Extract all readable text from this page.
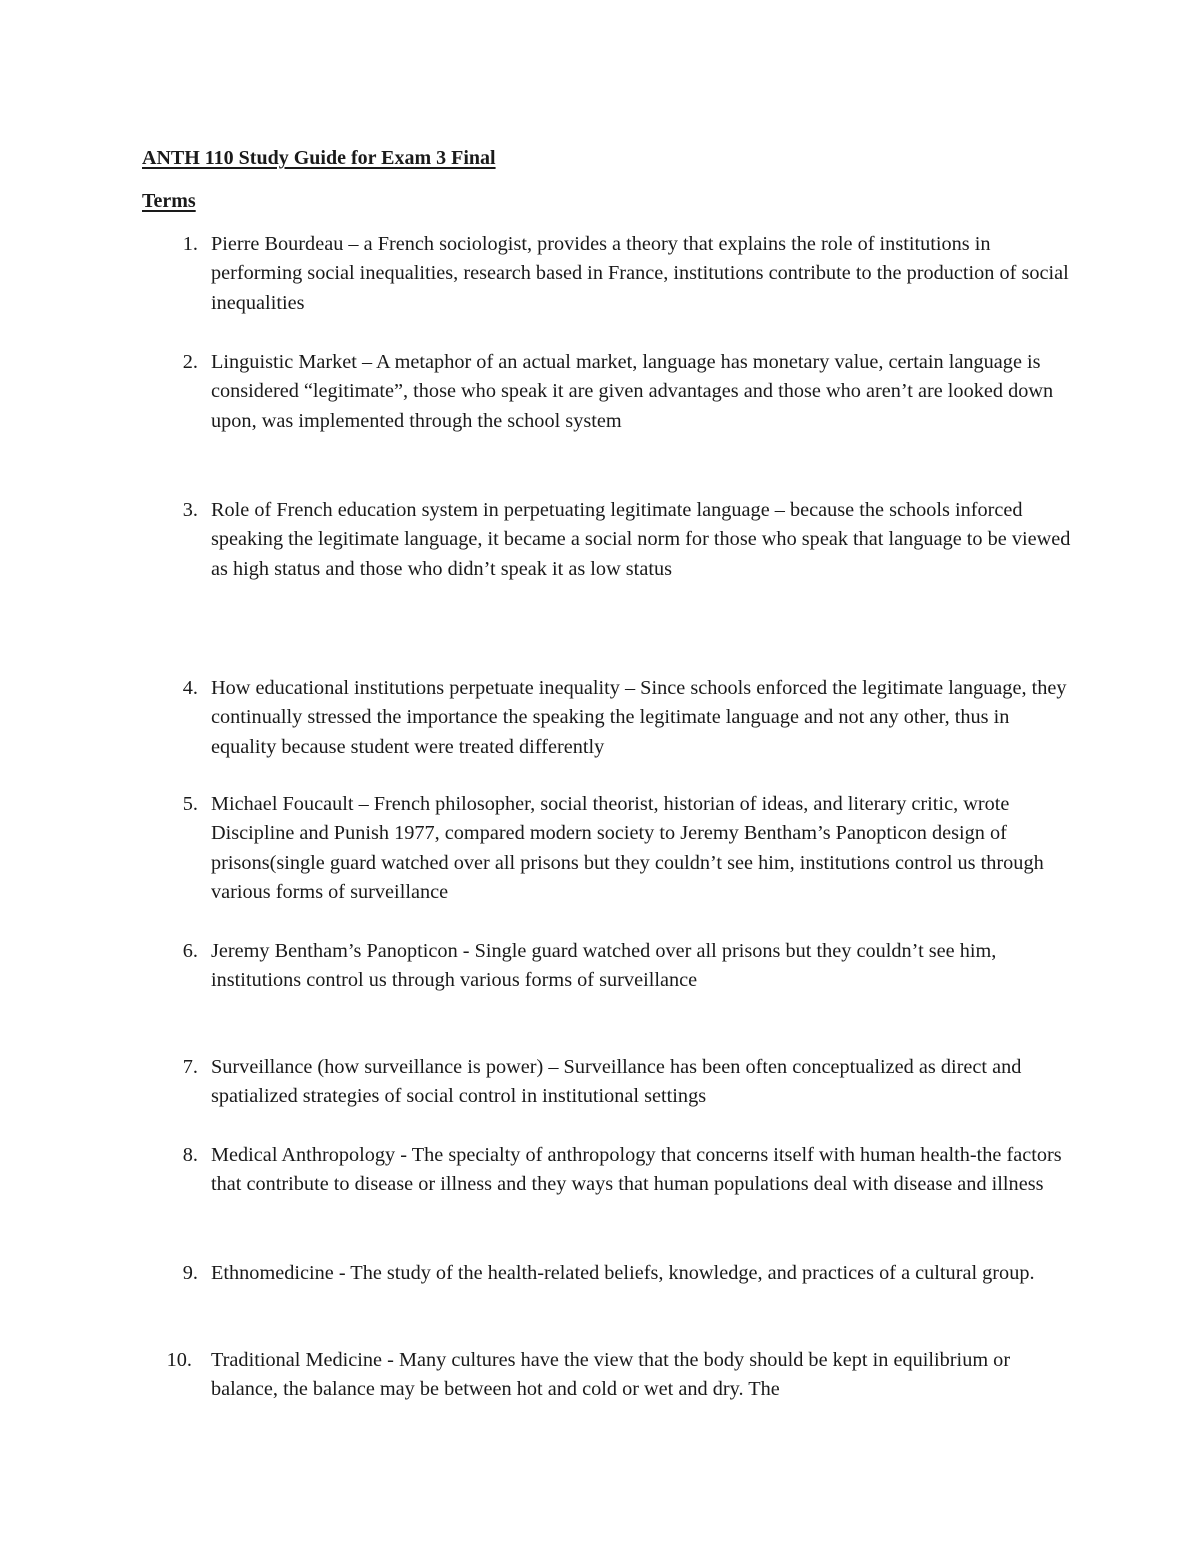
ANTH 110 Study Guide for Exam 3 Final
Terms
1. Pierre Bourdeau – a French sociologist, provides a theory that explains the role of institutions in performing social inequalities, research based in France, institutions contribute to the production of social inequalities
2. Linguistic Market – A metaphor of an actual market, language has monetary value, certain language is considered “legitimate”, those who speak it are given advantages and those who aren’t are looked down upon, was implemented through the school system
3. Role of French education system in perpetuating legitimate language – because the schools inforced speaking the legitimate language, it became a social norm for those who speak that language to be viewed as high status and those who didn’t speak it as low status
4. How educational institutions perpetuate inequality – Since schools enforced the legitimate language, they continually stressed the importance the speaking the legitimate language and not any other, thus in equality because student were treated differently
5. Michael Foucault – French philosopher, social theorist, historian of ideas, and literary critic, wrote Discipline and Punish 1977, compared modern society to Jeremy Bentham’s Panopticon design of prisons(single guard watched over all prisons but they couldn’t see him, institutions control us through various forms of surveillance
6. Jeremy Bentham’s Panopticon - Single guard watched over all prisons but they couldn’t see him, institutions control us through various forms of surveillance
7. Surveillance (how surveillance is power) – Surveillance has been often conceptualized as direct and spatialized strategies of social control in institutional settings
8. Medical Anthropology - The specialty of anthropology that concerns itself with human health-the factors that contribute to disease or illness and they ways that human populations deal with disease and illness
9. Ethnomedicine - The study of the health-related beliefs, knowledge, and practices of a cultural group.
10. Traditional Medicine - Many cultures have the view that the body should be kept in equilibrium or balance, the balance may be between hot and cold or wet and dry. The
